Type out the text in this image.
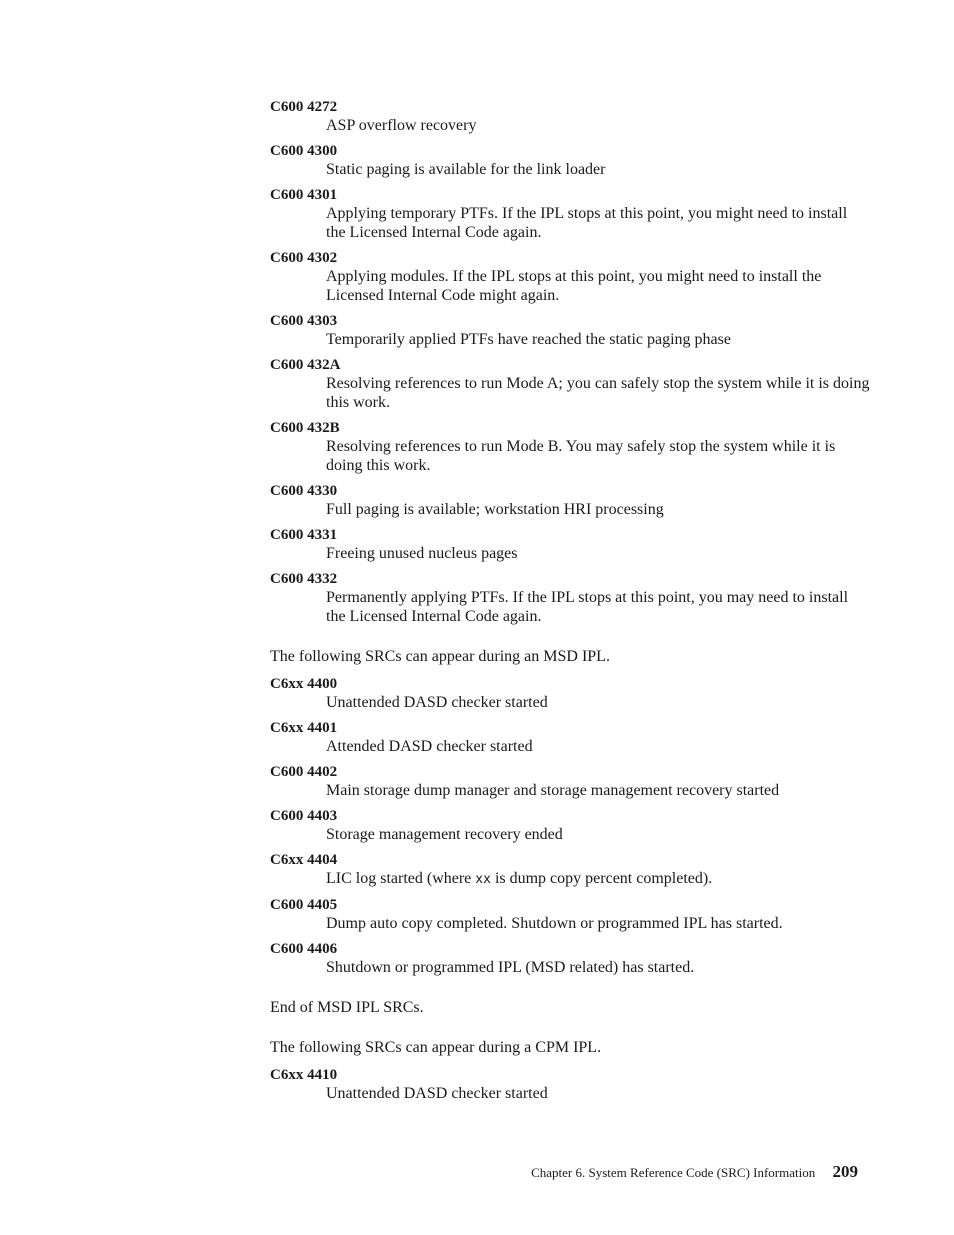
C600 4272
ASP overflow recovery
C600 4300
Static paging is available for the link loader
C600 4301
Applying temporary PTFs. If the IPL stops at this point, you might need to install the Licensed Internal Code again.
C600 4302
Applying modules. If the IPL stops at this point, you might need to install the Licensed Internal Code might again.
C600 4303
Temporarily applied PTFs have reached the static paging phase
C600 432A
Resolving references to run Mode A; you can safely stop the system while it is doing this work.
C600 432B
Resolving references to run Mode B. You may safely stop the system while it is doing this work.
C600 4330
Full paging is available; workstation HRI processing
C600 4331
Freeing unused nucleus pages
C600 4332
Permanently applying PTFs. If the IPL stops at this point, you may need to install the Licensed Internal Code again.
The following SRCs can appear during an MSD IPL.
C6xx 4400
Unattended DASD checker started
C6xx 4401
Attended DASD checker started
C600 4402
Main storage dump manager and storage management recovery started
C600 4403
Storage management recovery ended
C6xx 4404
LIC log started (where xx is dump copy percent completed).
C600 4405
Dump auto copy completed. Shutdown or programmed IPL has started.
C600 4406
Shutdown or programmed IPL (MSD related) has started.
End of MSD IPL SRCs.
The following SRCs can appear during a CPM IPL.
C6xx 4410
Unattended DASD checker started
Chapter 6. System Reference Code (SRC) Information 209
